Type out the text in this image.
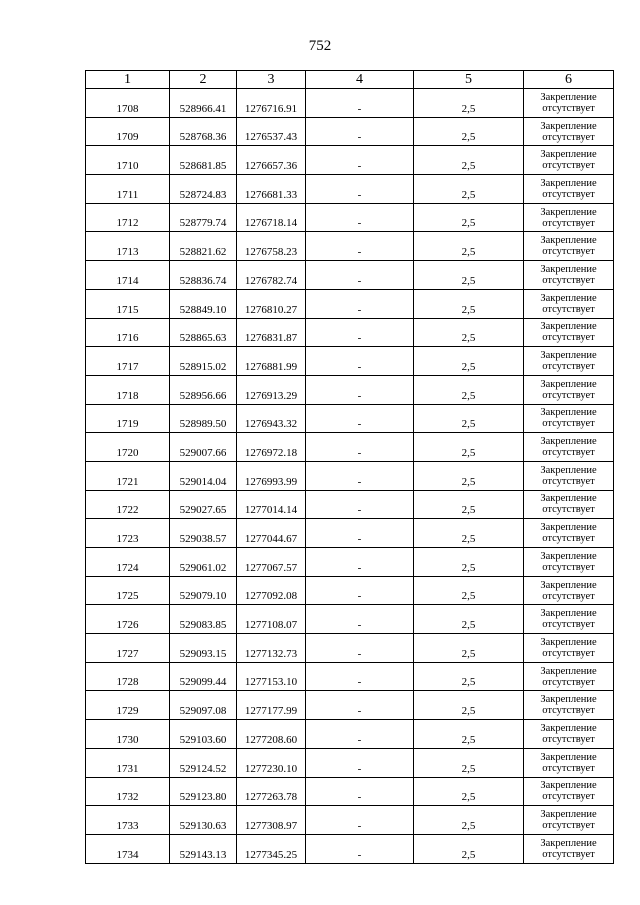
752
1	2	3	4	5	6
1708	528966.41	1276716.91	-	2,5	Закрепление
отсутствует

1709	528768.36	1276537.43	-	2,5	Закрепление
отсутствует

1710	528681.85	1276657.36	-	2,5	Закрепление
отсутствует

1711	528724.83	1276681.33	-	2,5	Закрепление
отсутствует

1712	528779.74	1276718.14	-	2,5	Закрепление
отсутствует

1713	528821.62	1276758.23	-	2,5	Закрепление
отсутствует

1714	528836.74	1276782.74	-	2,5	Закрепление
отсутствует

1715	528849.10	1276810.27	-	2,5	Закрепление
отсутствует

1716	528865.63	1276831.87	-	2,5	Закрепление
отсутствует

1717	528915.02	1276881.99	-	2,5	Закрепление
отсутствует

1718	528956.66	1276913.29	-	2,5	Закрепление
отсутствует

1719	528989.50	1276943.32	-	2,5	Закрепление
отсутствует

1720	529007.66	1276972.18	-	2,5	Закрепление
отсутствует

1721	529014.04	1276993.99	-	2,5	Закрепление
отсутствует

1722	529027.65	1277014.14	-	2,5	Закрепление
отсутствует

1723	529038.57	1277044.67	-	2,5	Закрепление
отсутствует

1724	529061.02	1277067.57	-	2,5	Закрепление
отсутствует

1725	529079.10	1277092.08	-	2,5	Закрепление
отсутствует

1726	529083.85	1277108.07	-	2,5	Закрепление
отсутствует

1727	529093.15	1277132.73	-	2,5	Закрепление
отсутствует

1728	529099.44	1277153.10	-	2,5	Закрепление
отсутствует

1729	529097.08	1277177.99	-	2,5	Закрепление
отсутствует

1730	529103.60	1277208.60	-	2,5	Закрепление
отсутствует

1731	529124.52	1277230.10	-	2,5	Закрепление
отсутствует

1732	529123.80	1277263.78	-	2,5	Закрепление
отсутствует

1733	529130.63	1277308.97	-	2,5	Закрепление
отсутствует

1734	529143.13	1277345.25	-	2,5	Закрепление
отсутствует
